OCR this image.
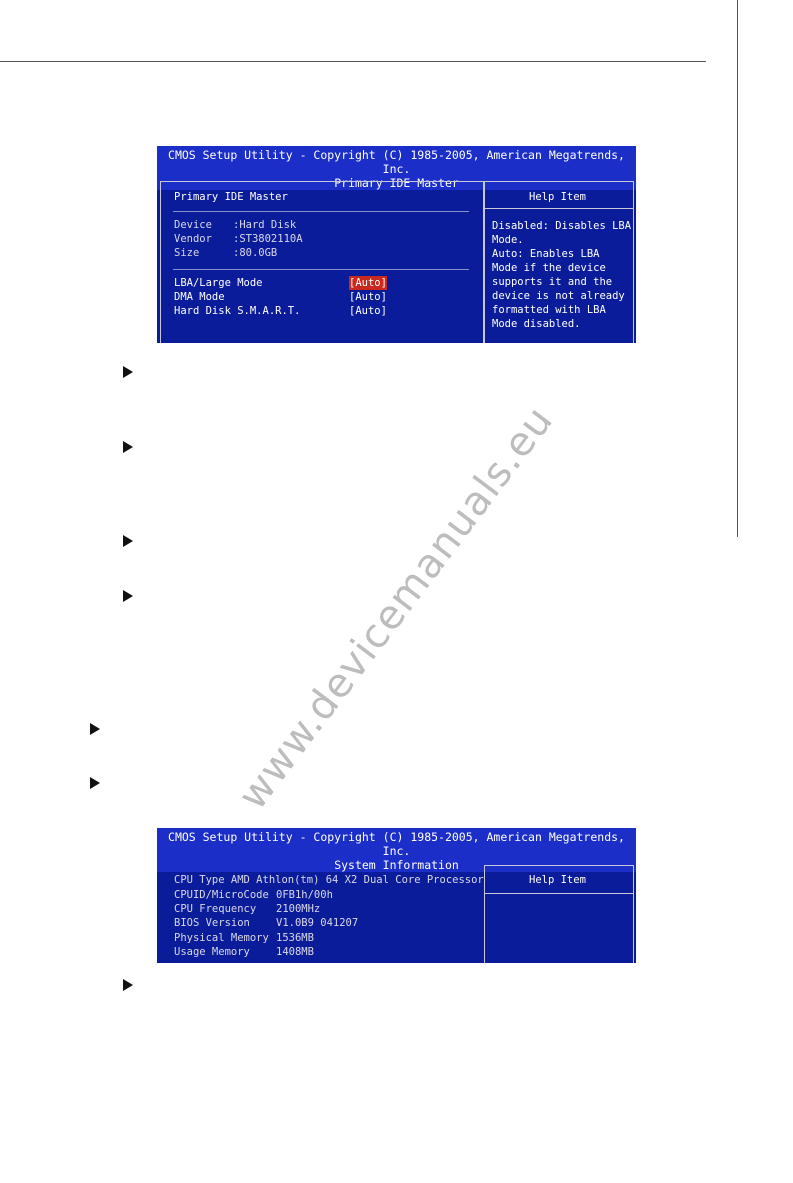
CMOS Setup Utility - Copyright (C) 1985-2005, American Megatrends, Inc.
Primary IDE Master
Primary IDE Master
Device :Hard Disk
Vendor :ST3802110A
Size	:80.0GB
LBA/Large Mode	[Auto]
DMA Mode	[Auto]
Hard Disk S.M.A.R.T.	[Auto]
Help Item
Disabled: Disables LBA
Mode.
Auto: Enables LBA
Mode if the device
supports it and the
device is not already
formatted with LBA
Mode disabled.
CMOS Setup Utility - Copyright (C) 1985-2005, American Megatrends, Inc.
System Information
Help Item
CPU Type AMD Athlon(tm) 64 X2 Dual Core Processor
CPUID/MicroCode 0FB1h/00h
CPU Frequency 2100MHz
BIOS Version V1.0B9 041207
Physical Memory 1536MB
Usage Memory 1408MB
www.devicemanuals.eu
